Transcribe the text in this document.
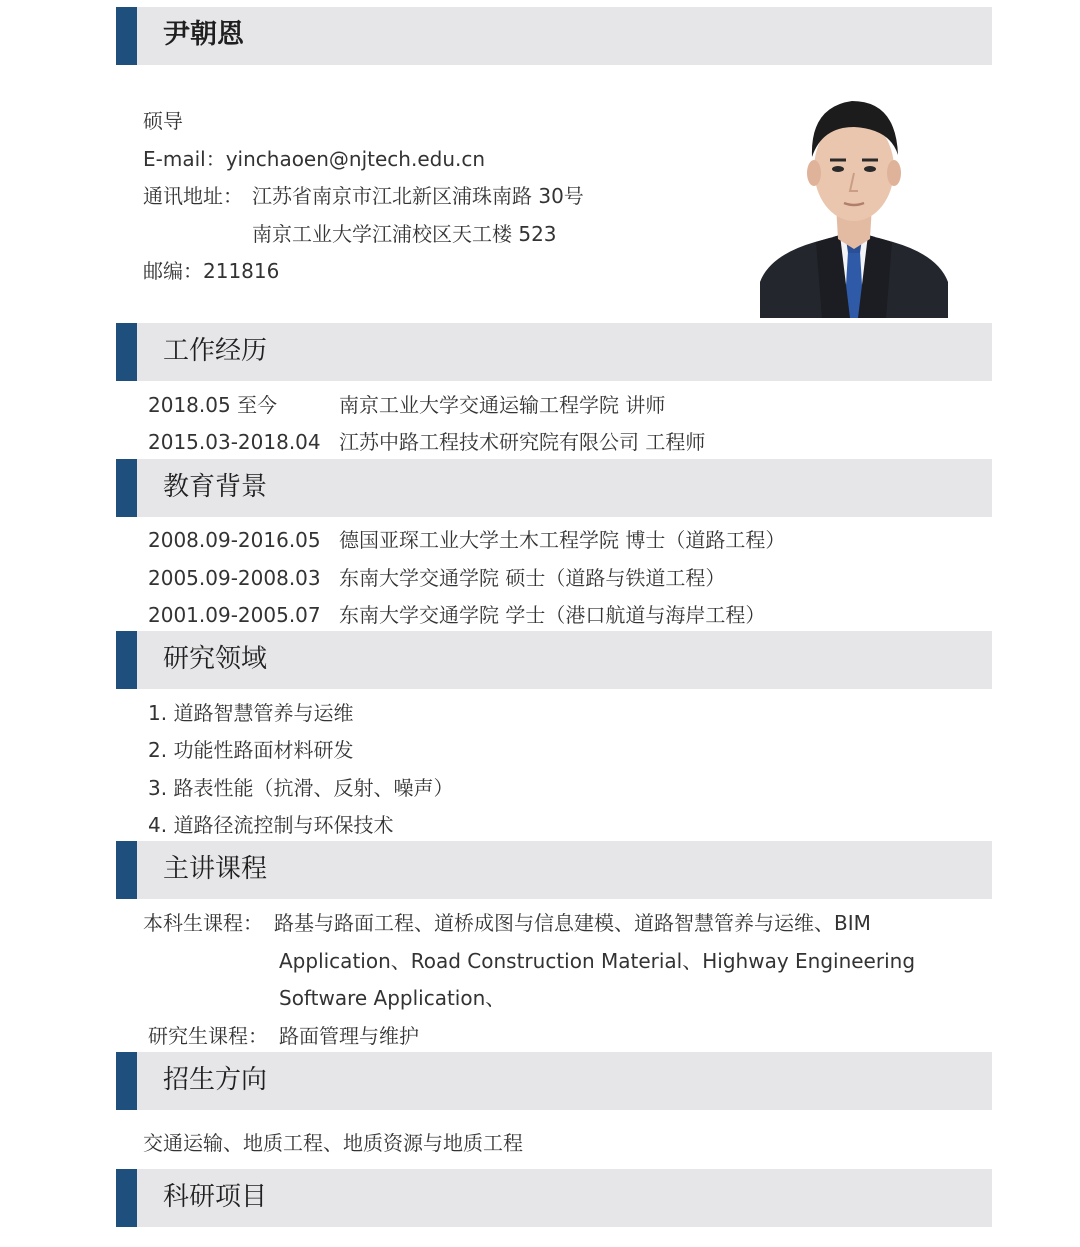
尹朝恩
硕导
E-mail：yinchaoen@njtech.edu.cn
通讯地址： 江苏省南京市江北新区浦珠南路 30号
南京工业大学江浦校区天工楼 523
邮编：211816
工作经历
2018.05 至今	南京工业大学交通运输工程学院 讲师
2015.03-2018.04 江苏中路工程技术研究院有限公司 工程师
教育背景
2008.09-2016.05 德国亚琛工业大学土木工程学院 博士（道路工程）
2005.09-2008.03 东南大学交通学院 硕士（道路与铁道工程）
2001.09-2005.07 东南大学交通学院 学士（港口航道与海岸工程）
研究领域
1. 道路智慧管养与运维
2. 功能性路面材料研发
3. 路表性能（抗滑、反射、噪声）
4. 道路径流控制与环保技术
主讲课程
本科生课程： 路基与路面工程、道桥成图与信息建模、道路智慧管养与运维、BIM
Application、Road Construction Material、Highway Engineering
Software Application、
研究生课程： 路面管理与维护
招生方向
交通运输、地质工程、地质资源与地质工程
科研项目
